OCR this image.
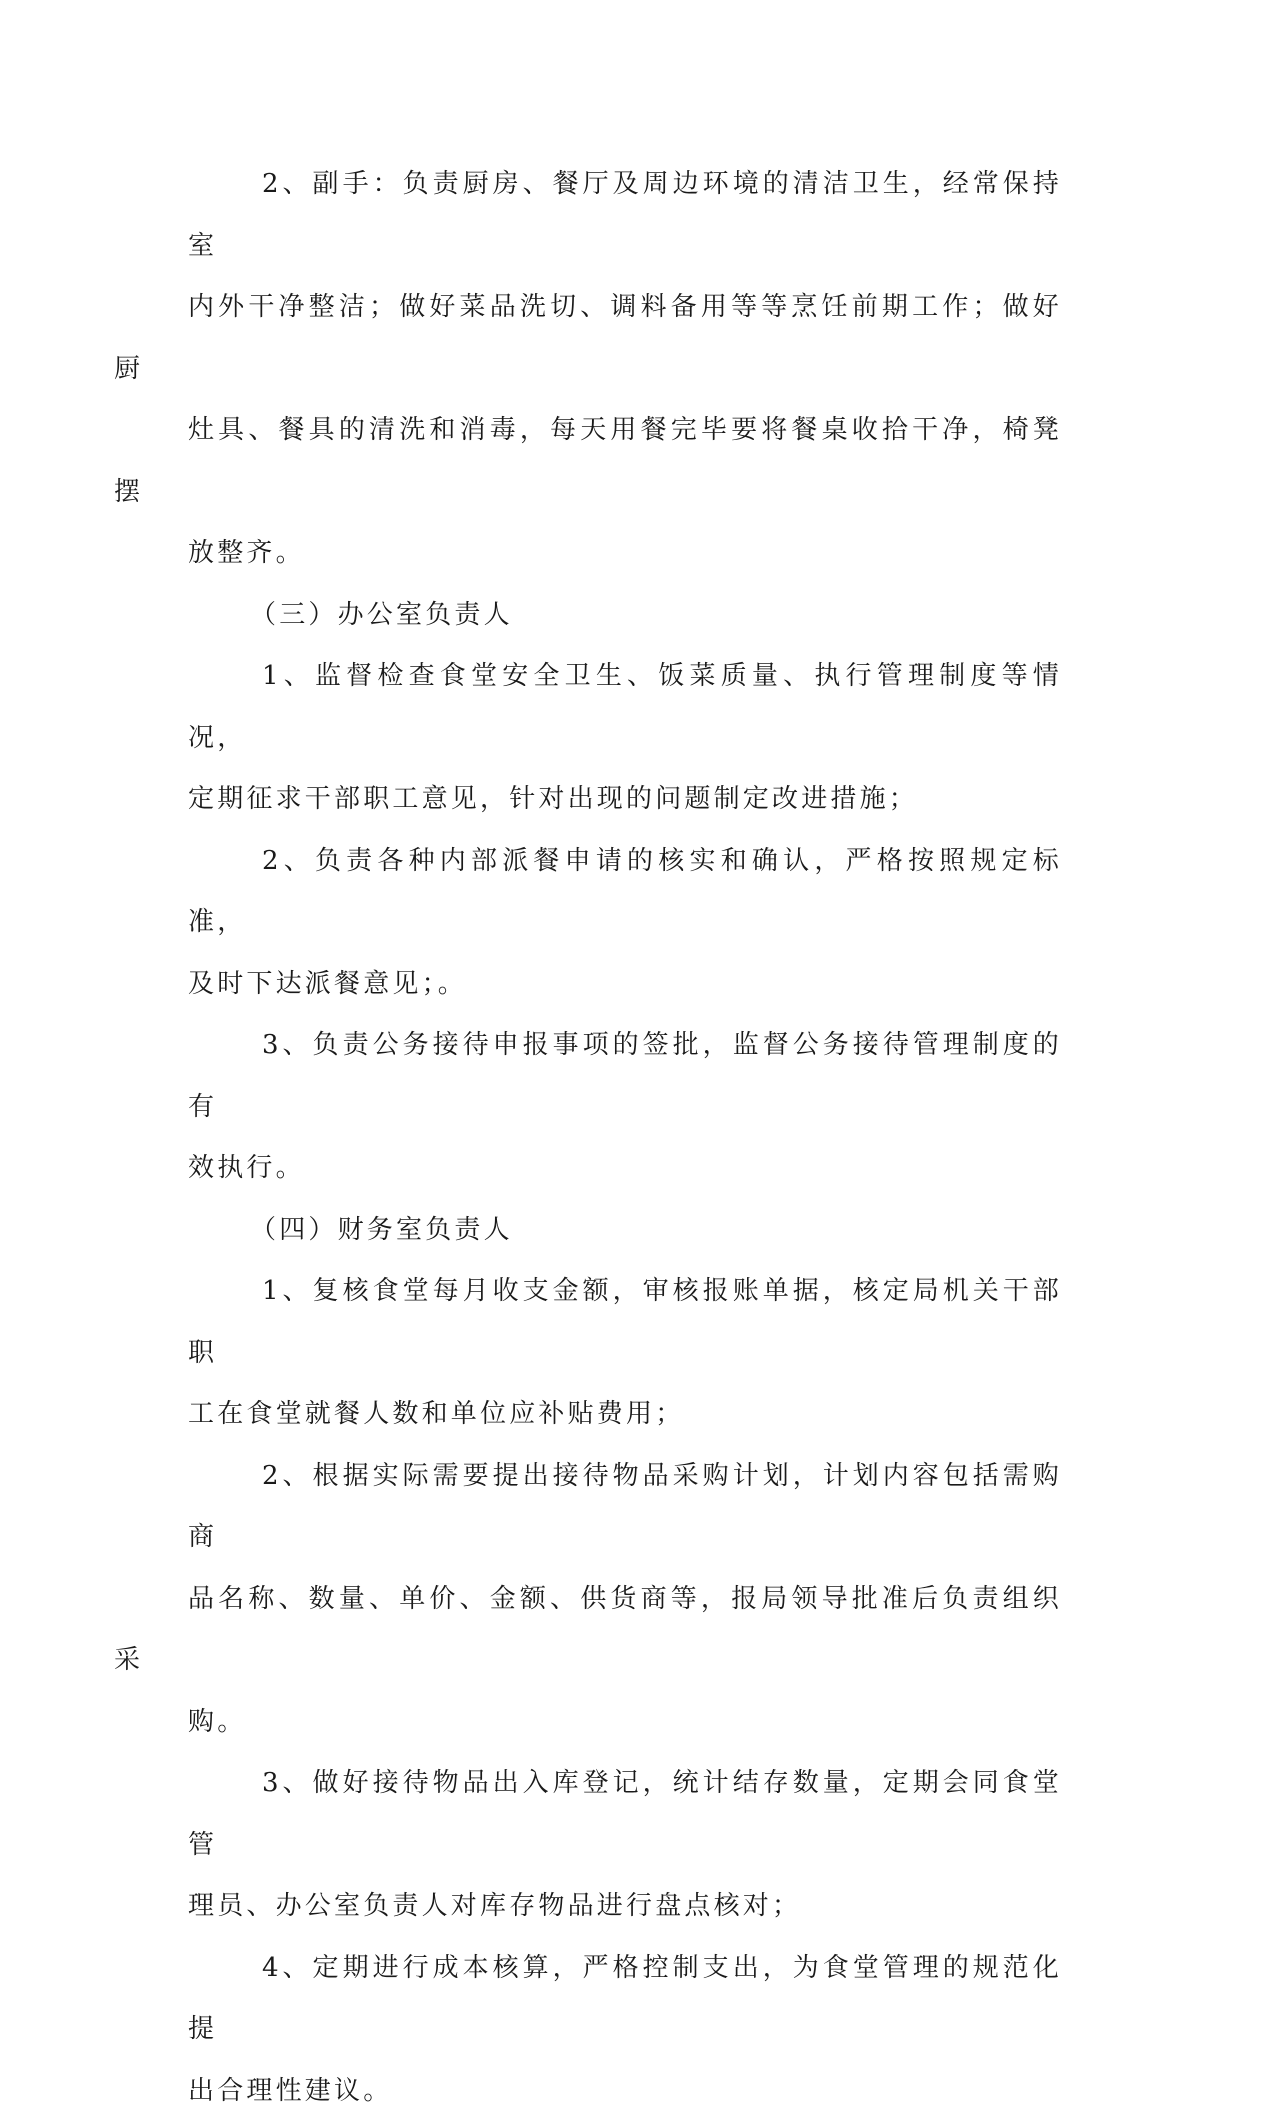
2、副手：负责厨房、餐厅及周边环境的清洁卫生，经常保持室
内外干净整洁；做好菜品洗切、调料备用等等烹饪前期工作；做好厨
灶具、餐具的清洗和消毒，每天用餐完毕要将餐桌收拾干净，椅凳摆
放整齐。

（三）办公室负责人

1、监督检查食堂安全卫生、饭菜质量、执行管理制度等情况，
定期征求干部职工意见，针对出现的问题制定改进措施；

2、负责各种内部派餐申请的核实和确认，严格按照规定标准，
及时下达派餐意见；。

3、负责公务接待申报事项的签批，监督公务接待管理制度的有
效执行。

（四）财务室负责人

1、复核食堂每月收支金额，审核报账单据，核定局机关干部职
工在食堂就餐人数和单位应补贴费用；

2、根据实际需要提出接待物品采购计划，计划内容包括需购商
品名称、数量、单价、金额、供货商等，报局领导批准后负责组织采
购。

3、做好接待物品出入库登记，统计结存数量，定期会同食堂管
理员、办公室负责人对库存物品进行盘点核对；

4、定期进行成本核算，严格控制支出，为食堂管理的规范化提
出合理性建议。
